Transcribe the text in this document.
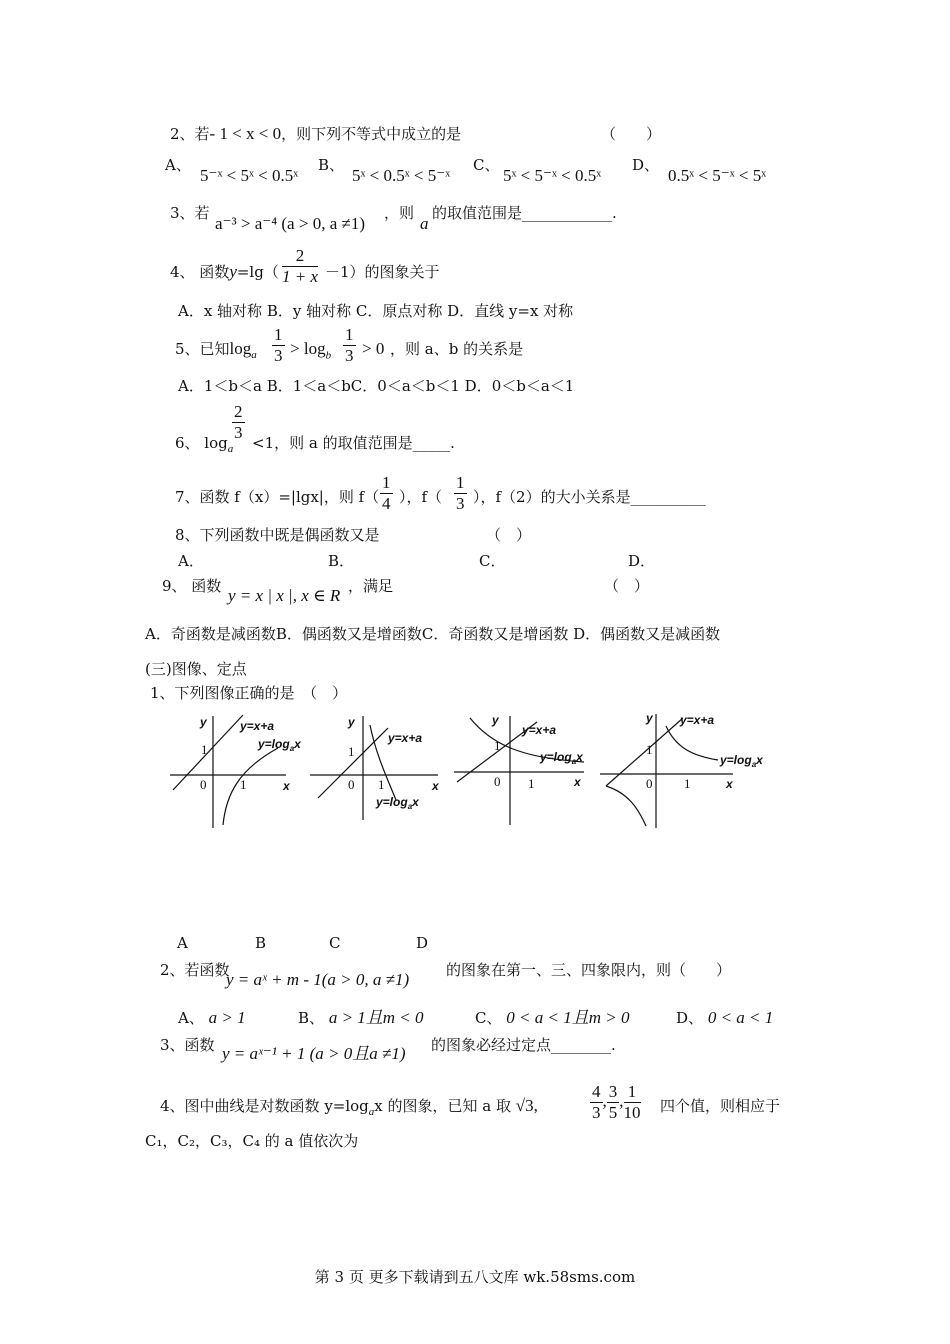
2、若- 1 < x < 0，则下列不等式中成立的是	（　　）
A、
5⁻ˣ < 5ˣ < 0.5ˣ
B、
5ˣ < 0.5ˣ < 5⁻ˣ
C、
5ˣ < 5⁻ˣ < 0.5ˣ
D、
0.5ˣ < 5⁻ˣ < 5ˣ
3、若
a⁻³ > a⁻⁴ (a > 0, a ≠1)
，则
a
的取值范围是____________.
4、 函数$y=\lg( \frac{2}{1 + x} -1)$的图象关于
A．x 轴对称 B．y 轴对称 C．原点对称 D．直线 y=x 对称
5、已知$\log_a \frac{1}{3} > \log_b \frac{1}{3} > 0$ ，则 a、b 的关系是
A．1＜b＜a B．1＜a＜bC．0＜a＜b＜1 D．0＜b＜a＜1
$\frac{2}{3}$
6、 $\log_a <1$，则 a 的取值范围是_____.
7、函数 f（x）=|lgx|，则 $f( \frac{1}{4}$ ），$f( \frac{1}{3}$ ），f（2）的大小关系是__________
8、下列函数中既是偶函数又是	（　）
A．	B．	C．	D．
9、 函数 y = x | x |, x ∈ R ，满足	（　）
A．奇函数是减函数B．偶函数又是增函数C．奇函数又是增函数 D．偶函数又是减函数
(三)图像、定点
1、下列图像正确的是　 （　）
y
x
y=x+a
$y=\log_ax$
1
0	1
y
x
y=x+a
$y=\log_ax$
1
0 1
y
x
y=x+a
$y=\log_ax$
1
0 1
y
x
y=x+a
$y=\log_ax$
1
0 1
A	B	C	D
2、若函数
y = aˣ + m - 1(a > 0, a ≠1) 的图象在第一、三、四象限内，则（　　）
A、 a > 1	B、 a > 1且m < 0	C、 0 < a < 1且m > 0	D、 0 < a < 1
3、函数 y = aˣ⁻¹ + 1 (a > 0且a ≠1) 的图象必经过定点________.
4、图中曲线是对数函数 $y=\log_ax$ 的图象，已知 a 取 √3,	$\frac{4}{3}$ , $\frac{3}{5}$ , $\frac{1}{10}$ 四个值，则相应于
C₁，C₂，C₃，C₄ 的 a 值依次为
第 3 页 更多下载请到五八文库 wk.58sms.com
